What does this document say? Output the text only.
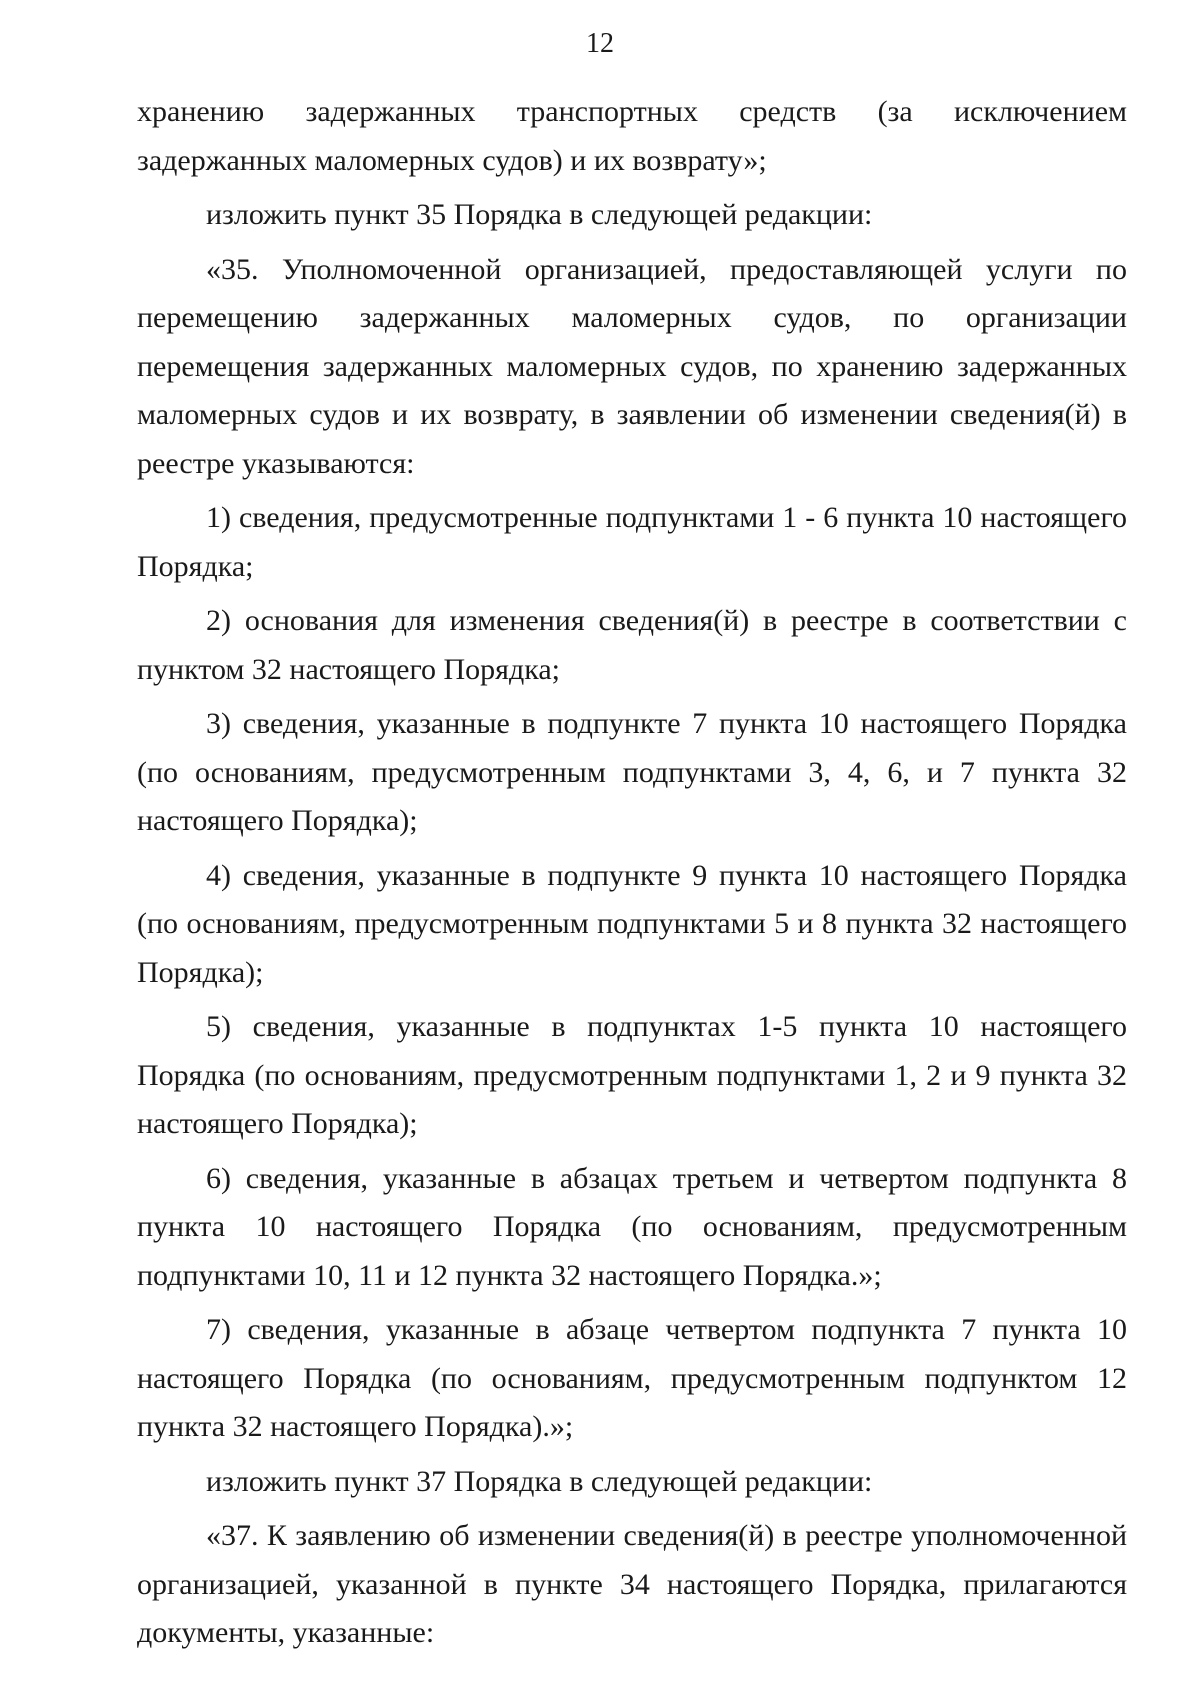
12

хранению задержанных транспортных средств (за исключением задержанных маломерных судов) и их возврату»;

изложить пункт 35 Порядка в следующей редакции:

«35. Уполномоченной организацией, предоставляющей услуги по перемещению задержанных маломерных судов, по организации перемещения задержанных маломерных судов, по хранению задержанных маломерных судов и их возврату, в заявлении об изменении сведения(й) в реестре указываются:

1) сведения, предусмотренные подпунктами 1 - 6 пункта 10 настоящего Порядка;

2) основания для изменения сведения(й) в реестре в соответствии с пунктом 32 настоящего Порядка;

3) сведения, указанные в подпункте 7 пункта 10 настоящего Порядка (по основаниям, предусмотренным подпунктами 3, 4, 6, и 7 пункта 32 настоящего Порядка);

4) сведения, указанные в подпункте 9 пункта 10 настоящего Порядка (по основаниям, предусмотренным подпунктами 5 и 8 пункта 32 настоящего Порядка);

5) сведения, указанные в подпунктах 1-5 пункта 10 настоящего Порядка (по основаниям, предусмотренным подпунктами 1, 2 и 9 пункта 32 настоящего Порядка);

6) сведения, указанные в абзацах третьем и четвертом подпункта 8 пункта 10 настоящего Порядка (по основаниям, предусмотренным подпунктами 10, 11 и 12 пункта 32 настоящего Порядка.»;

7) сведения, указанные в абзаце четвертом подпункта 7 пункта 10 настоящего Порядка (по основаниям, предусмотренным подпунктом 12 пункта 32 настоящего Порядка).»;

изложить пункт 37 Порядка в следующей редакции:

«37. К заявлению об изменении сведения(й) в реестре уполномоченной организацией, указанной в пункте 34 настоящего Порядка, прилагаются документы, указанные:
